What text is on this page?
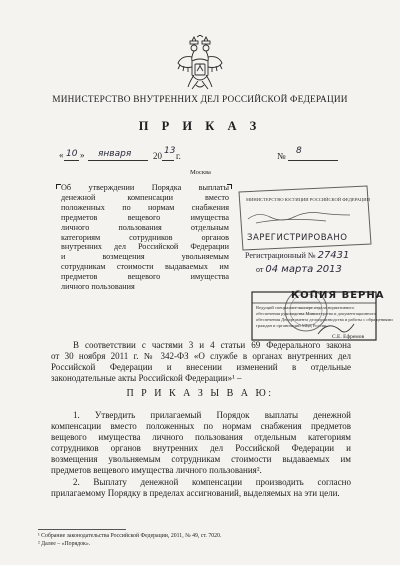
МИНИСТЕРСТВО ВНУТРЕННИХ ДЕЛ РОССИЙСКОЙ ФЕДЕРАЦИИ
П Р И К А З
« 10 » января 20 13 г.
Москва
№ 8
Об утверждении Порядка выплаты
денежной компенсации вместо
положенных по нормам снабжения
предметов вещевого имущества
личного пользования отдельным
категориям сотрудников органов
внутренних дел Российской Федерации
и возмещения увольняемым
сотрудникам стоимости выдаваемых им
предметов вещевого имущества
личного пользования
МИНИСТЕРСТВО ЮСТИЦИИ РОССИЙСКОЙ ФЕДЕРАЦИИ
ЗАРЕГИСТРИРОВАНО
Регистрационный № 27431
от 04 марта 2013
КОПИЯ ВЕРНА
Ведущий специалист-эксперт отдела нормативного
обеспечения руководства Министерства и документационного
обеспечения Департамента делопроизводства и работы с обращениями
граждан и организаций МВД России
С.Е. Ефремов
В соответствии с частями 3 и 4 статьи 69 Федерального закона
от 30 ноября 2011 г. № 342-ФЗ «О службе в органах внутренних дел
Российской Федерации и внесении изменений в отдельные
законодательные акты Российской Федерации»¹ –
П Р И К А З Ы В А Ю:
1. Утвердить прилагаемый Порядок выплаты денежной
компенсации вместо положенных по нормам снабжения предметов
вещевого имущества личного пользования отдельным категориям
сотрудников органов внутренних дел Российской Федерации и
возмещения увольняемым сотрудникам стоимости выдаваемых им
предметов вещевого имущества личного пользования².
2. Выплату денежной компенсации производить согласно
прилагаемому Порядку в пределах ассигнований, выделяемых на эти цели.
¹ Собрание законодательства Российской Федерации, 2011, № 49, ст. 7020.
² Далее – «Порядок».
